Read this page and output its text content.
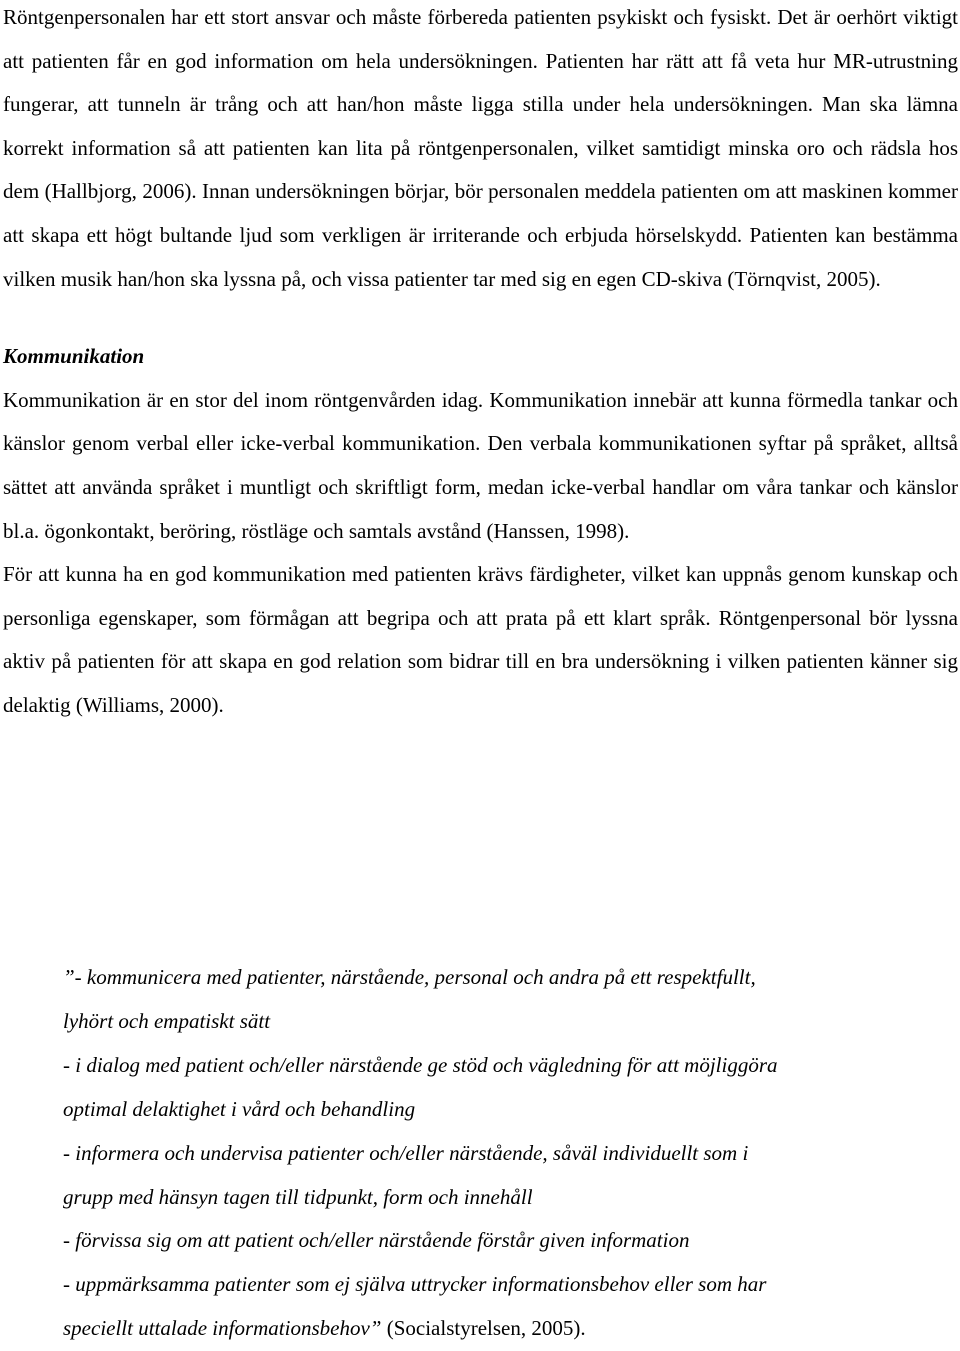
Röntgenpersonalen har ett stort ansvar och måste förbereda patienten psykiskt och fysiskt. Det är oerhört viktigt att patienten får en god information om hela undersökningen. Patienten har rätt att få veta hur MR-utrustning fungerar, att tunneln är trång och att han/hon måste ligga stilla under hela undersökningen. Man ska lämna korrekt information så att patienten kan lita på röntgenpersonalen, vilket samtidigt minska oro och rädsla hos dem (Hallbjorg, 2006). Innan undersökningen börjar, bör personalen meddela patienten om att maskinen kommer att skapa ett högt bultande ljud som verkligen är irriterande och erbjuda hörselskydd. Patienten kan bestämma vilken musik han/hon ska lyssna på, och vissa patienter tar med sig en egen CD-skiva (Törnqvist, 2005).

Kommunikation

Kommunikation är en stor del inom röntgenvården idag. Kommunikation innebär att kunna förmedla tankar och känslor genom verbal eller icke-verbal kommunikation. Den verbala kommunikationen syftar på språket, alltså sättet att använda språket i muntligt och skriftligt form, medan icke-verbal handlar om våra tankar och känslor bl.a. ögonkontakt, beröring, röstläge och samtals avstånd (Hanssen, 1998).

För att kunna ha en god kommunikation med patienten krävs färdigheter, vilket kan uppnås genom kunskap och personliga egenskaper, som förmågan att begripa och att prata på ett klart språk. Röntgenpersonal bör lyssna aktiv på patienten för att skapa en god relation som bidrar till en bra undersökning i vilken patienten känner sig delaktig (Williams, 2000).

”- kommunicera med patienter, närstående, personal och andra på ett respektfullt,

lyhört och empatiskt sätt

- i dialog med patient och/eller närstående ge stöd och vägledning för att möjliggöra

optimal delaktighet i vård och behandling

- informera och undervisa patienter och/eller närstående, såväl individuellt som i

grupp med hänsyn tagen till tidpunkt, form och innehåll

- förvissa sig om att patient och/eller närstående förstår given information

- uppmärksamma patienter som ej själva uttrycker informationsbehov eller som har

speciellt uttalade informationsbehov” (Socialstyrelsen, 2005).
